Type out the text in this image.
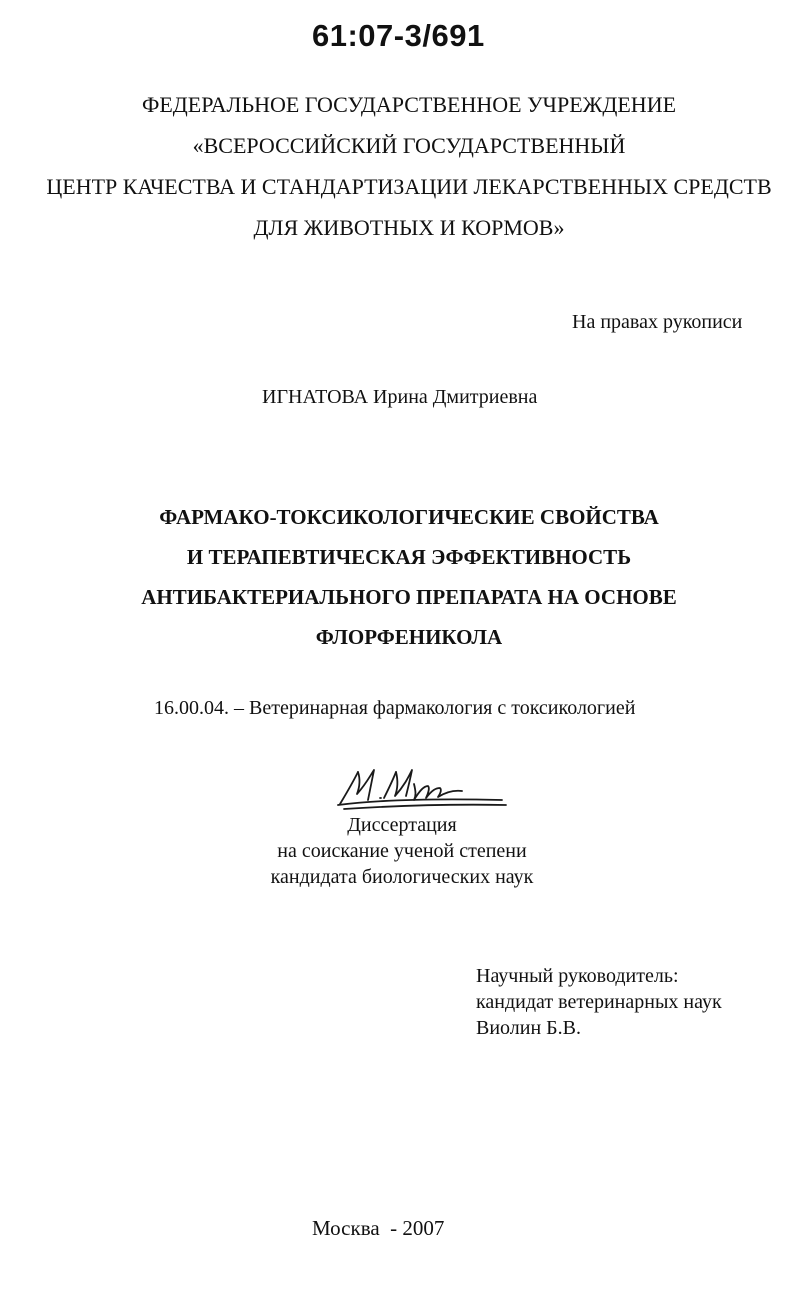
61:07-3/691
ФЕДЕРАЛЬНОЕ ГОСУДАРСТВЕННОЕ УЧРЕЖДЕНИЕ
«ВСЕРОССИЙСКИЙ ГОСУДАРСТВЕННЫЙ
ЦЕНТР КАЧЕСТВА И СТАНДАРТИЗАЦИИ ЛЕКАРСТВЕННЫХ СРЕДСТВ
ДЛЯ ЖИВОТНЫХ И КОРМОВ»
На правах рукописи
ИГНАТОВА Ирина Дмитриевна
ФАРМАКО-ТОКСИКОЛОГИЧЕСКИЕ СВОЙСТВА
И ТЕРАПЕВТИЧЕСКАЯ ЭФФЕКТИВНОСТЬ
АНТИБАКТЕРИАЛЬНОГО ПРЕПАРАТА НА ОСНОВЕ
ФЛОРФЕНИКОЛА
16.00.04. – Ветеринарная фармакология с токсикологией
Диссертация
на соискание ученой степени
кандидата биологических наук
Научный руководитель:
кандидат ветеринарных наук
Виолин Б.В.
Москва  - 2007
